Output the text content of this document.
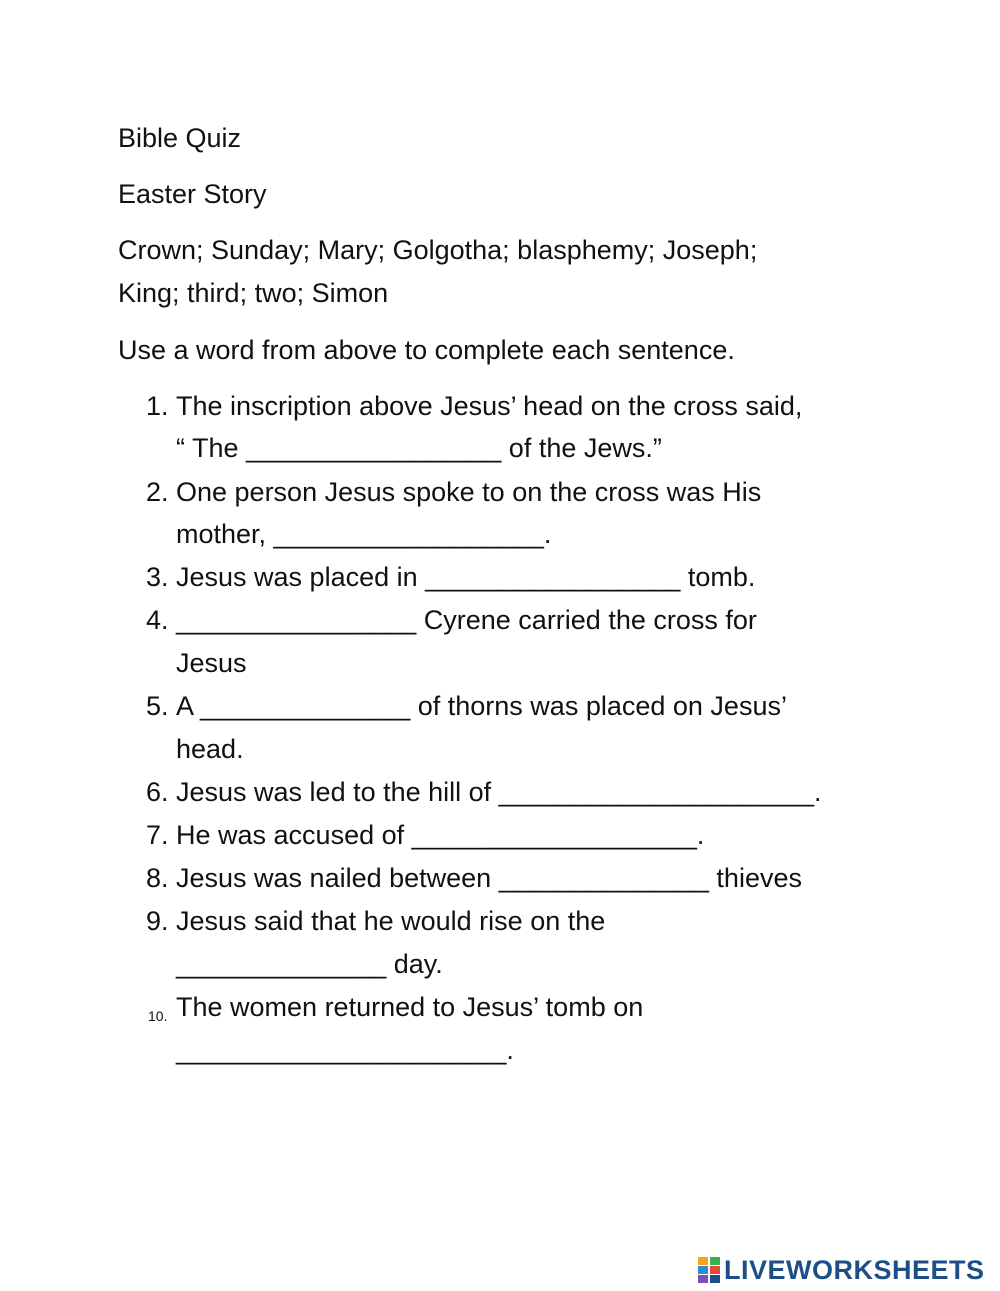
Bible Quiz
Easter Story
Crown; Sunday; Mary; Golgotha; blasphemy; Joseph;
King; third; two; Simon
Use a word from above to complete each sentence.
1. The inscription above Jesus’ head on the cross said,
“ The _________________ of the Jews.”
2. One person Jesus spoke to on the cross was His
mother, __________________.
3. Jesus was placed in _________________ tomb.
4. ________________ Cyrene carried the cross for
Jesus
5. A ______________ of thorns was placed on Jesus’
head.
6. Jesus was led to the hill of _____________________.
7. He was accused of ___________________.
8. Jesus was nailed between ______________ thieves
9. Jesus said that he would rise on the
______________ day.
10. The women returned to Jesus’ tomb on
______________________.
LIVEWORKSHEETS
